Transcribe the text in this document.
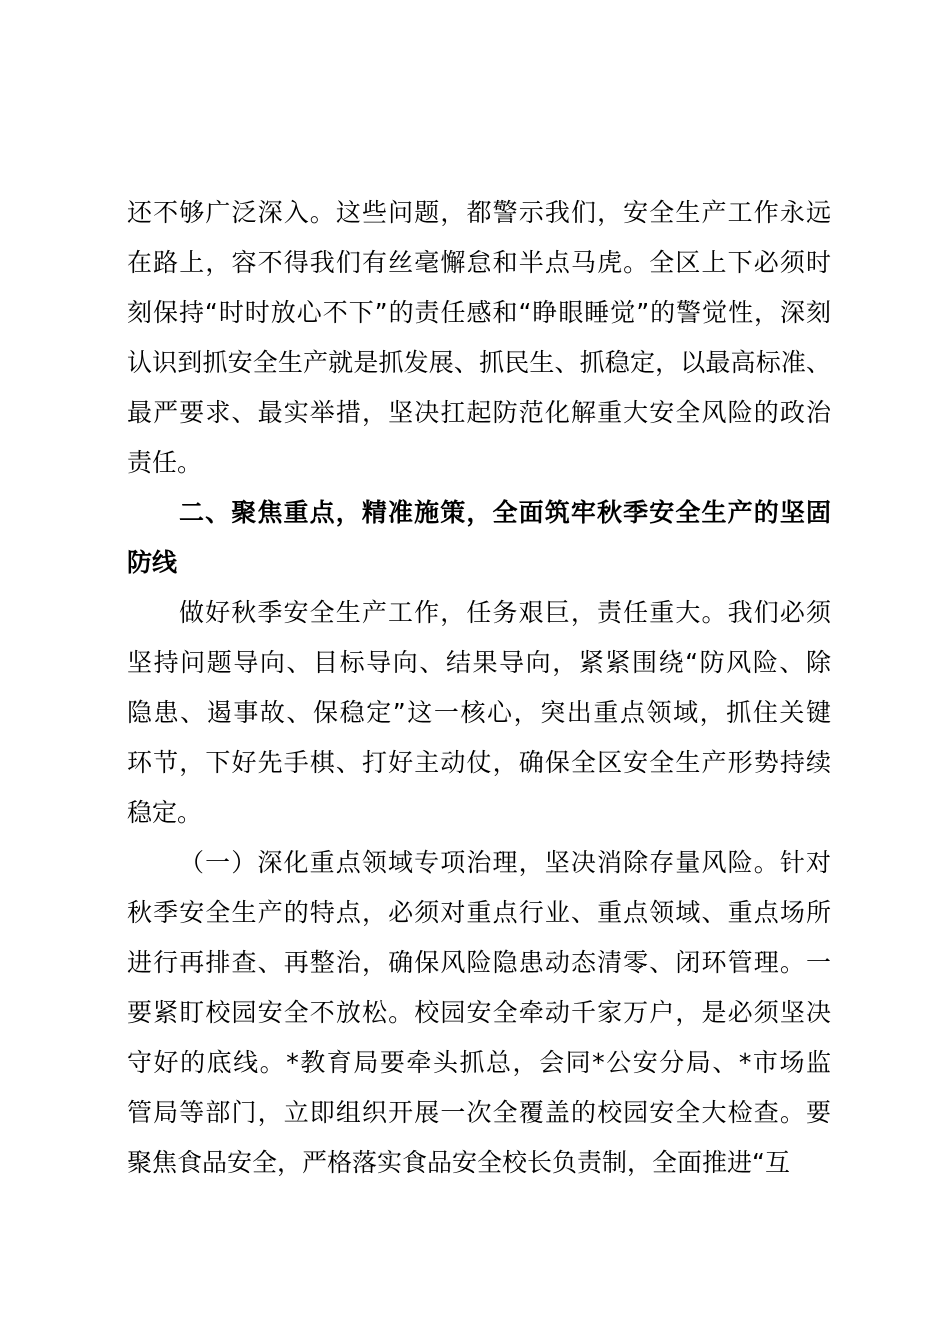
还不够广泛深入。这些问题，都警示我们，安全生产工作永远
在路上，容不得我们有丝毫懈怠和半点马虎。全区上下必须时
刻保持“时时放心不下”的责任感和“睁眼睡觉”的警觉性，深刻
认识到抓安全生产就是抓发展、抓民生、抓稳定，以最高标准、
最严要求、最实举措，坚决扛起防范化解重大安全风险的政治
责任。
二、聚焦重点，精准施策，全面筑牢秋季安全生产的坚固
防线
做好秋季安全生产工作，任务艰巨，责任重大。我们必须
坚持问题导向、目标导向、结果导向，紧紧围绕“防风险、除
隐患、遏事故、保稳定”这一核心，突出重点领域，抓住关键
环节，下好先手棋、打好主动仗，确保全区安全生产形势持续
稳定。
（一）深化重点领域专项治理，坚决消除存量风险。针对
秋季安全生产的特点，必须对重点行业、重点领域、重点场所
进行再排查、再整治，确保风险隐患动态清零、闭环管理。一
要紧盯校园安全不放松。校园安全牵动千家万户，是必须坚决
守好的底线。*教育局要牵头抓总，会同*公安分局、*市场监
管局等部门，立即组织开展一次全覆盖的校园安全大检查。要
聚焦食品安全，严格落实食品安全校长负责制，全面推进“互
